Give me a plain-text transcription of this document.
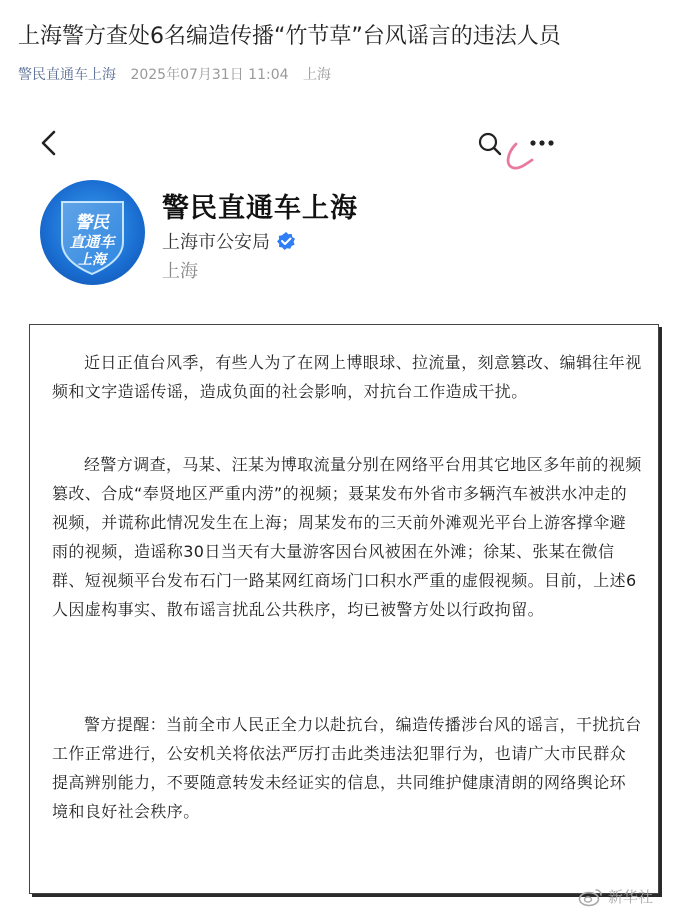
上海警方查处6名编造传播“竹节草”台风谣言的违法人员
警民直通车上海 2025年07月31日 11:04 上海
警民
直通车
上海
警民直通车上海
上海市公安局
上海
近日正值台风季，有些人为了在网上博眼球、拉流量，刻意篡改、编辑往年视频和文字造谣传谣，造成负面的社会影响，对抗台工作造成干扰。
经警方调查，马某、汪某为博取流量分别在网络平台用其它地区多年前的视频篡改、合成“奉贤地区严重内涝”的视频；聂某发布外省市多辆汽车被洪水冲走的视频，并谎称此情况发生在上海；周某发布的三天前外滩观光平台上游客撑伞避雨的视频，造谣称30日当天有大量游客因台风被困在外滩；徐某、张某在微信群、短视频平台发布石门一路某网红商场门口积水严重的虚假视频。目前，上述6人因虚构事实、散布谣言扰乱公共秩序，均已被警方处以行政拘留。
警方提醒：当前全市人民正全力以赴抗台，编造传播涉台风的谣言，干扰抗台工作正常进行，公安机关将依法严厉打击此类违法犯罪行为，也请广大市民群众提高辨别能力，不要随意转发未经证实的信息，共同维护健康清朗的网络舆论环境和良好社会秩序。
新华社
